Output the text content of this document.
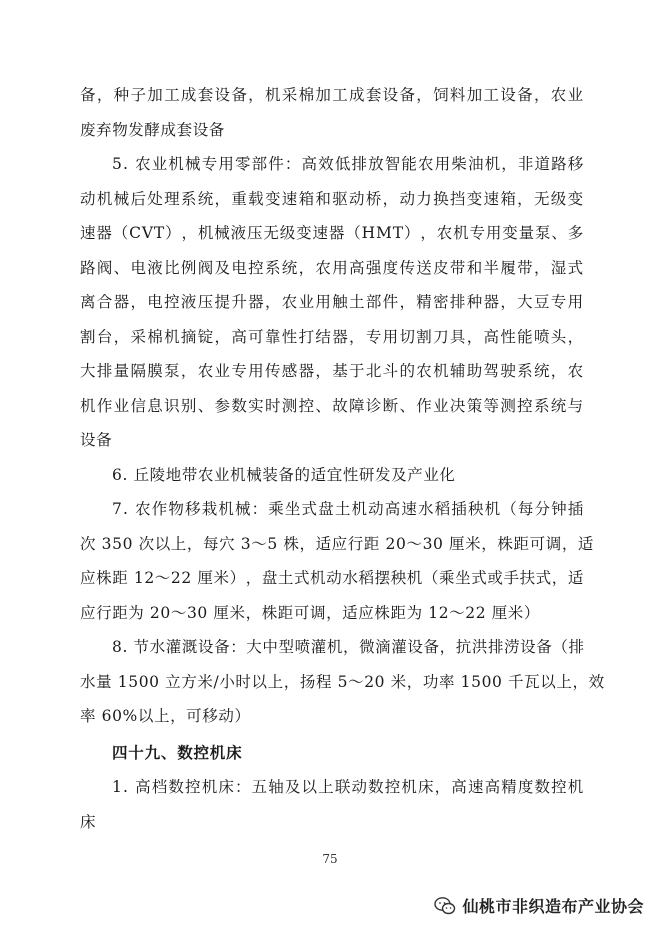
备 ， 种 子 加 工 成 套 设 备 ， 机 采 棉 加 工 成 套 设 备 ， 饲 料 加 工 设 备 ， 农 业
废弃物发酵成套设备
5 .
农 业 机 械 专 用 零 部 件 ： 高 效 低 排 放 智 能 农 用 柴 油 机 ， 非 道 路 移
动 机 械 后 处 理 系 统 ， 重 载 变 速 箱 和 驱 动 桥 ， 动 力 换 挡 变 速 箱 ， 无 级 变
速 器 （ C V T ） ， 机 械 液 压 无 级 变 速 器 （ H M T ） ， 农 机 专 用 变 量 泵 、 多
路 阀 、 电 液 比 例 阀 及 电 控 系 统 ， 农 用 高 强 度 传 送 皮 带 和 半 履 带 ， 湿 式
离 合 器 ， 电 控 液 压 提 升 器 ， 农 业 用 触 土 部 件 ， 精 密 排 种 器 ， 大 豆 专 用
割 台 ， 采 棉 机 摘 锭 ， 高 可 靠 性 打 结 器 ， 专 用 切 割 刀 具 ， 高 性 能 喷 头 ，
大 排 量 隔 膜 泵 ， 农 业 专 用 传 感 器 ， 基 于 北 斗 的 农 机 辅 助 驾 驶 系 统 ， 农
机 作 业 信 息 识 别 、 参 数 实 时 测 控 、 故 障 诊 断 、 作 业 决 策 等 测 控 系 统 与
设备
6. 丘陵地带农业机械装备的适宜性研发及产业化
7 .
农 作 物 移 栽 机 械 ： 乘 坐 式 盘 土 机 动 高 速 水 稻 插 秧 机 （ 每 分 钟 插
次
3 5 0
次 以 上 ， 每 穴
3 ～ 5
株 ， 适 应 行 距
2 0 ～ 3 0
厘 米 ， 株 距 可 调 ， 适
应 株 距
1 2 ～ 2 2
厘 米 ） ， 盘 土 式 机 动 水 稻 摆 秧 机 （ 乘 坐 式 或 手 扶 式 ， 适
应行距为 20～30 厘米，株距可调，适应株距为 12～22 厘米）
8 .
节 水 灌 溉 设 备 ： 大 中 型 喷 灌 机 ， 微 滴 灌 设 备 ， 抗 洪 排 涝 设 备 （ 排
水 量
1 5 0 0
立 方 米 / 小 时 以 上 ， 扬 程
5 ～ 2 0
米 ， 功 率
1 5 0 0
千 瓦 以 上 ， 效
率 60%以上，可移动）
四十九、数控机床
1 .
高 档 数 控 机 床 ： 五 轴 及 以 上 联 动 数 控 机 床 ， 高 速 高 精 度 数 控 机
床
75
仙桃市非织造布产业协会
